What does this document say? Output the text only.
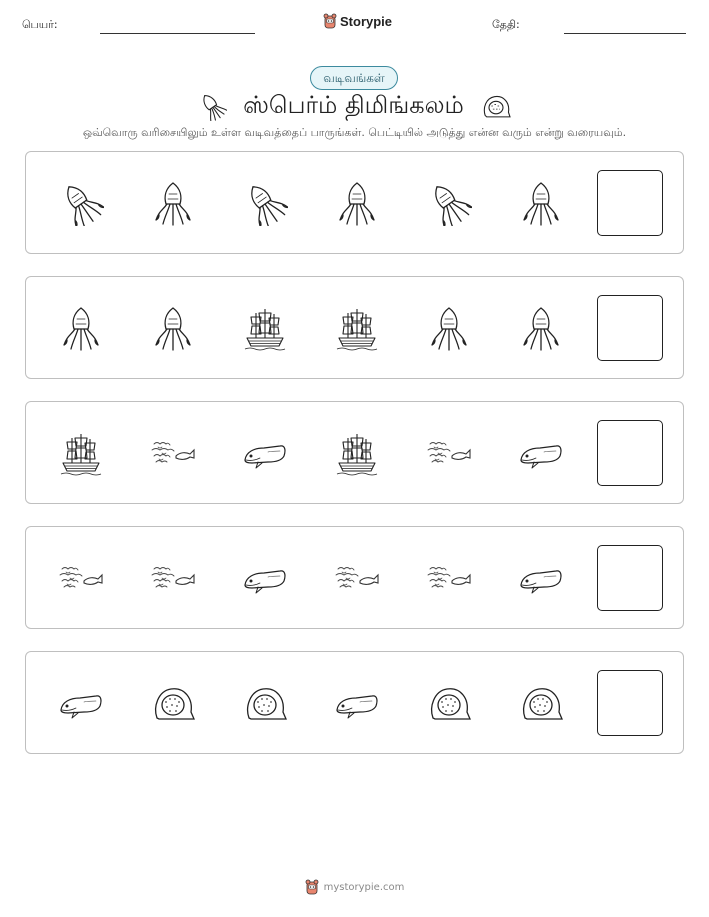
பெயர்:	Storypie	தேதி:
வடிவங்கள்
ஸ்பெர்ம் திமிங்கலம்
ஒவ்வொரு வரிசையிலும் உள்ள வடிவத்தைப் பாருங்கள். பெட்டியில் அடுத்து என்ன வரும் என்று வரையவும்.
mystorypie.com
